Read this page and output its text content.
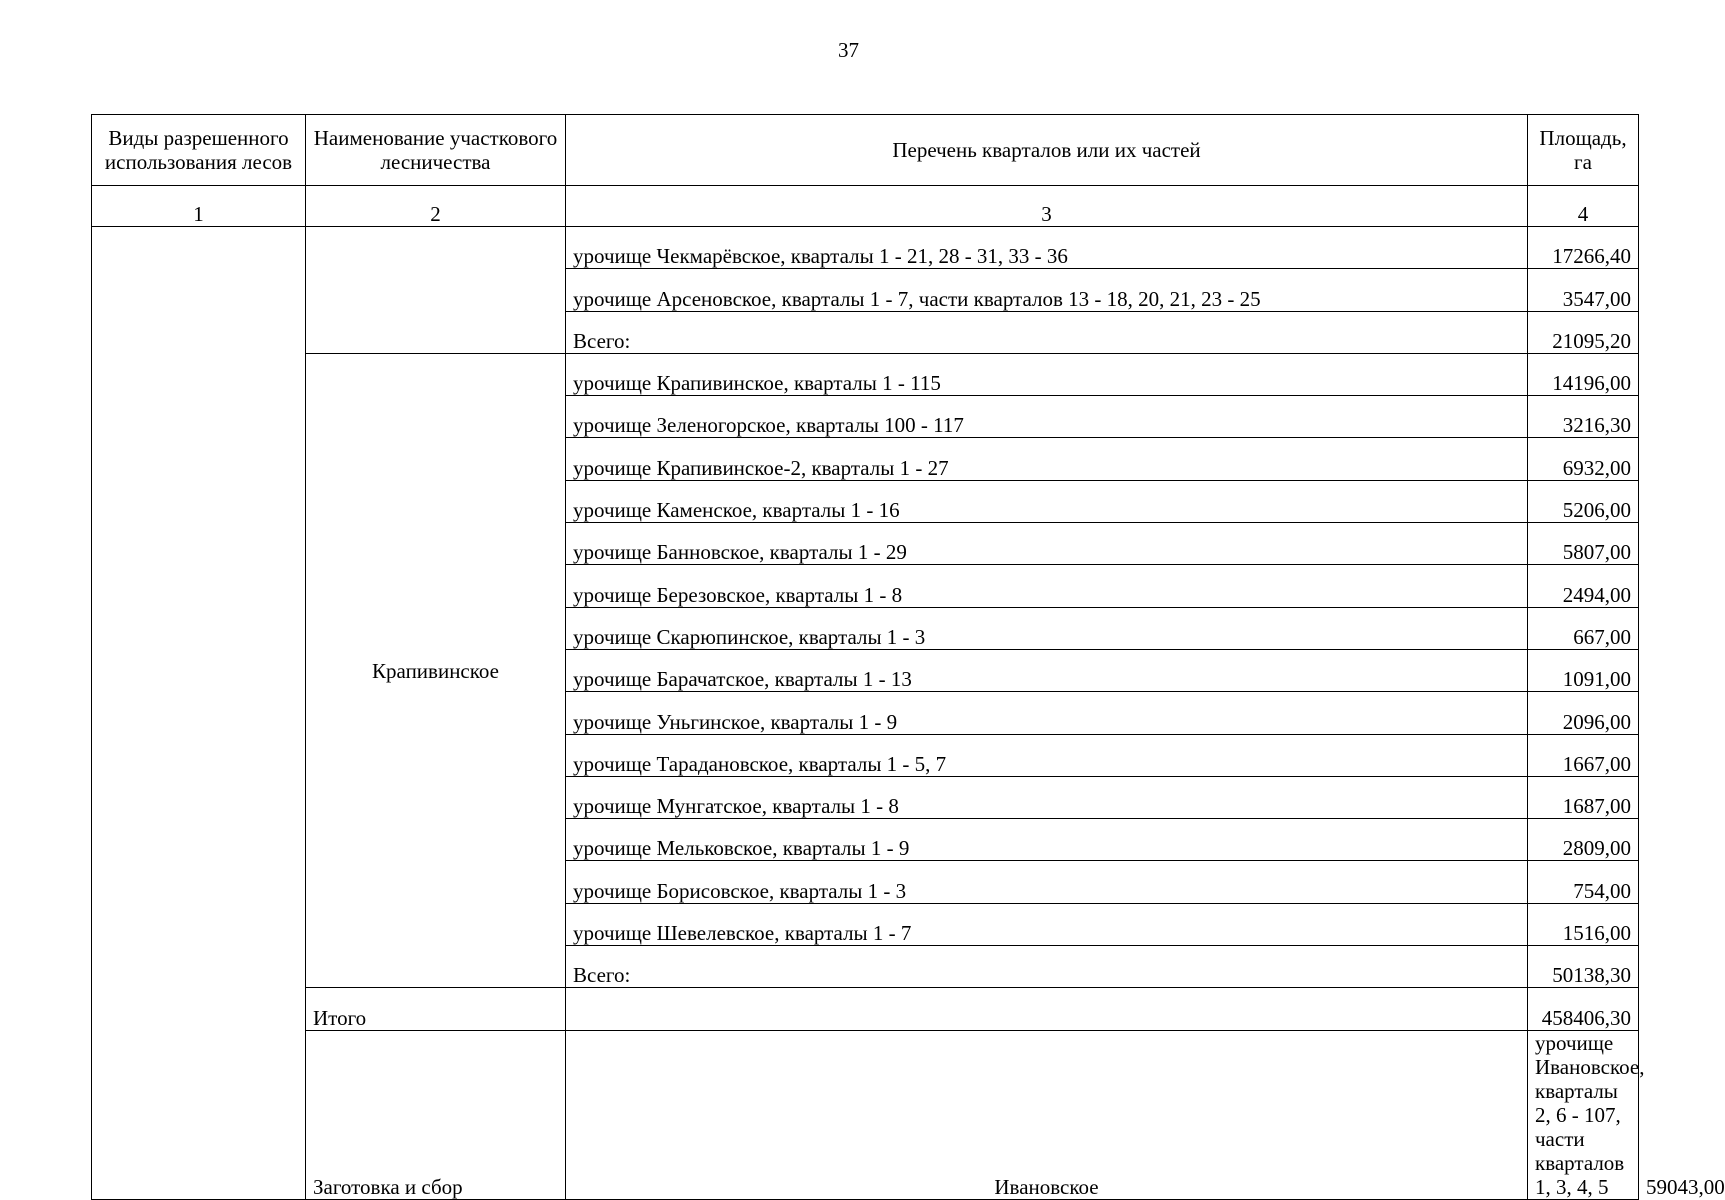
37
Виды разрешенного использования лесов	Наименование участкового лесничества	Перечень кварталов или их частей	Площадь, га	
1	2	3	4	
		урочище Чекмарёвское, кварталы 1 - 21, 28 - 31, 33 - 36	17266,40	
		урочище Арсеновское, кварталы 1 - 7, части кварталов 13 - 18, 20, 21, 23 - 25	3547,00	
		Всего:	21095,20	
	Крапивинское	урочище Крапивинское, кварталы 1 - 115	14196,00	
		урочище Зеленогорское, кварталы 100 - 117	3216,30	
		урочище Крапивинское-2, кварталы 1 - 27	6932,00	
		урочище Каменское, кварталы 1 - 16	5206,00	
		урочище Банновское, кварталы 1 - 29	5807,00	
		урочище Березовское, кварталы 1 - 8	2494,00	
		урочище Скарюпинское, кварталы 1 - 3	667,00	
		урочище Барачатское, кварталы 1 - 13	1091,00	
		урочище Уньгинское, кварталы 1 - 9	2096,00	
		урочище Тараданoвское, кварталы 1 - 5, 7	1667,00	
		урочище Мунгатское, кварталы 1 - 8	1687,00	
		урочище Мельковское, кварталы 1 - 9	2809,00	
		урочище Борисовское, кварталы 1 - 3	754,00	
		урочище Шевелевское, кварталы 1 - 7	1516,00	
		Всего:	50138,30	
	Итого		458406,30	
	Заготовка и сбор	Ивановское	урочище Ивановское, кварталы 2, 6 - 107, части кварталов 1, 3, 4, 5	59043,00
